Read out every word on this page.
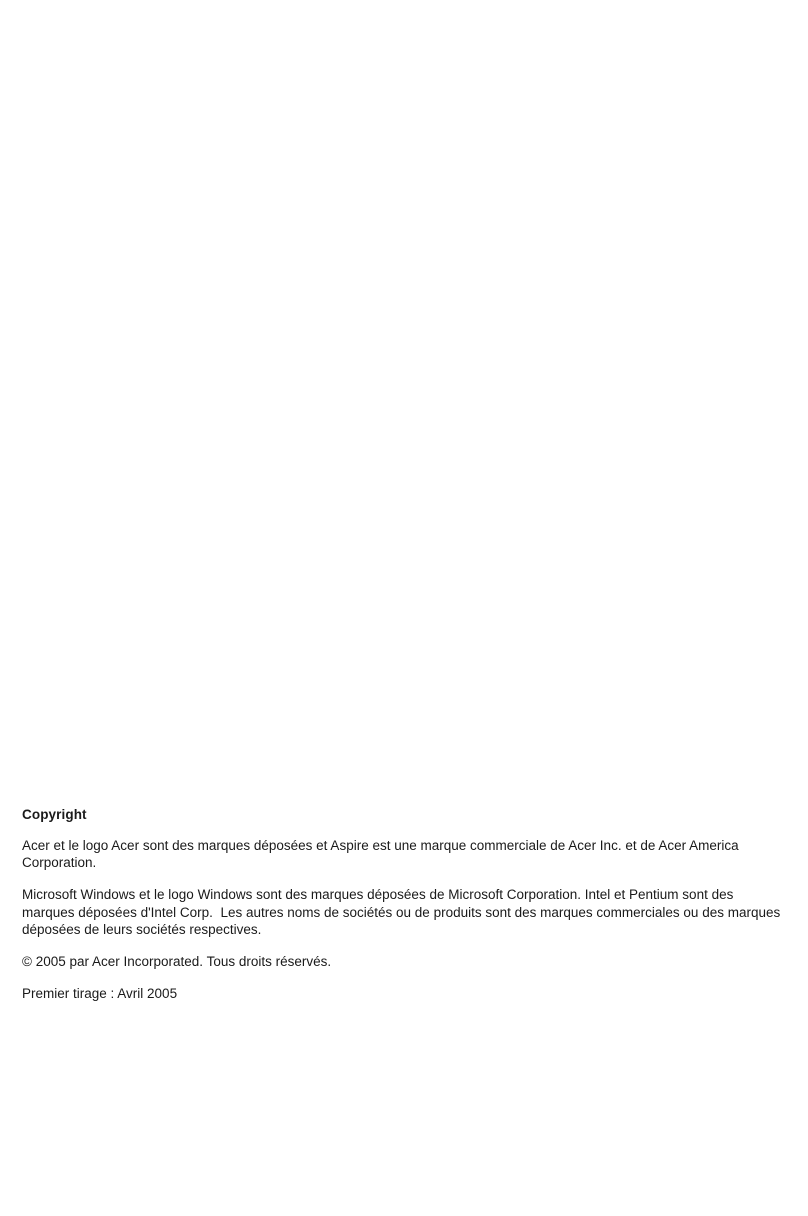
Copyright

Acer et le logo Acer sont des marques déposées et Aspire est une marque commerciale de Acer Inc. et de Acer America Corporation.

Microsoft Windows et le logo Windows sont des marques déposées de Microsoft Corporation. Intel et Pentium sont des marques déposées d'Intel Corp.  Les autres noms de sociétés ou de produits sont des marques commerciales ou des marques déposées de leurs sociétés respectives.

© 2005 par Acer Incorporated. Tous droits réservés.

Premier tirage : Avril 2005
